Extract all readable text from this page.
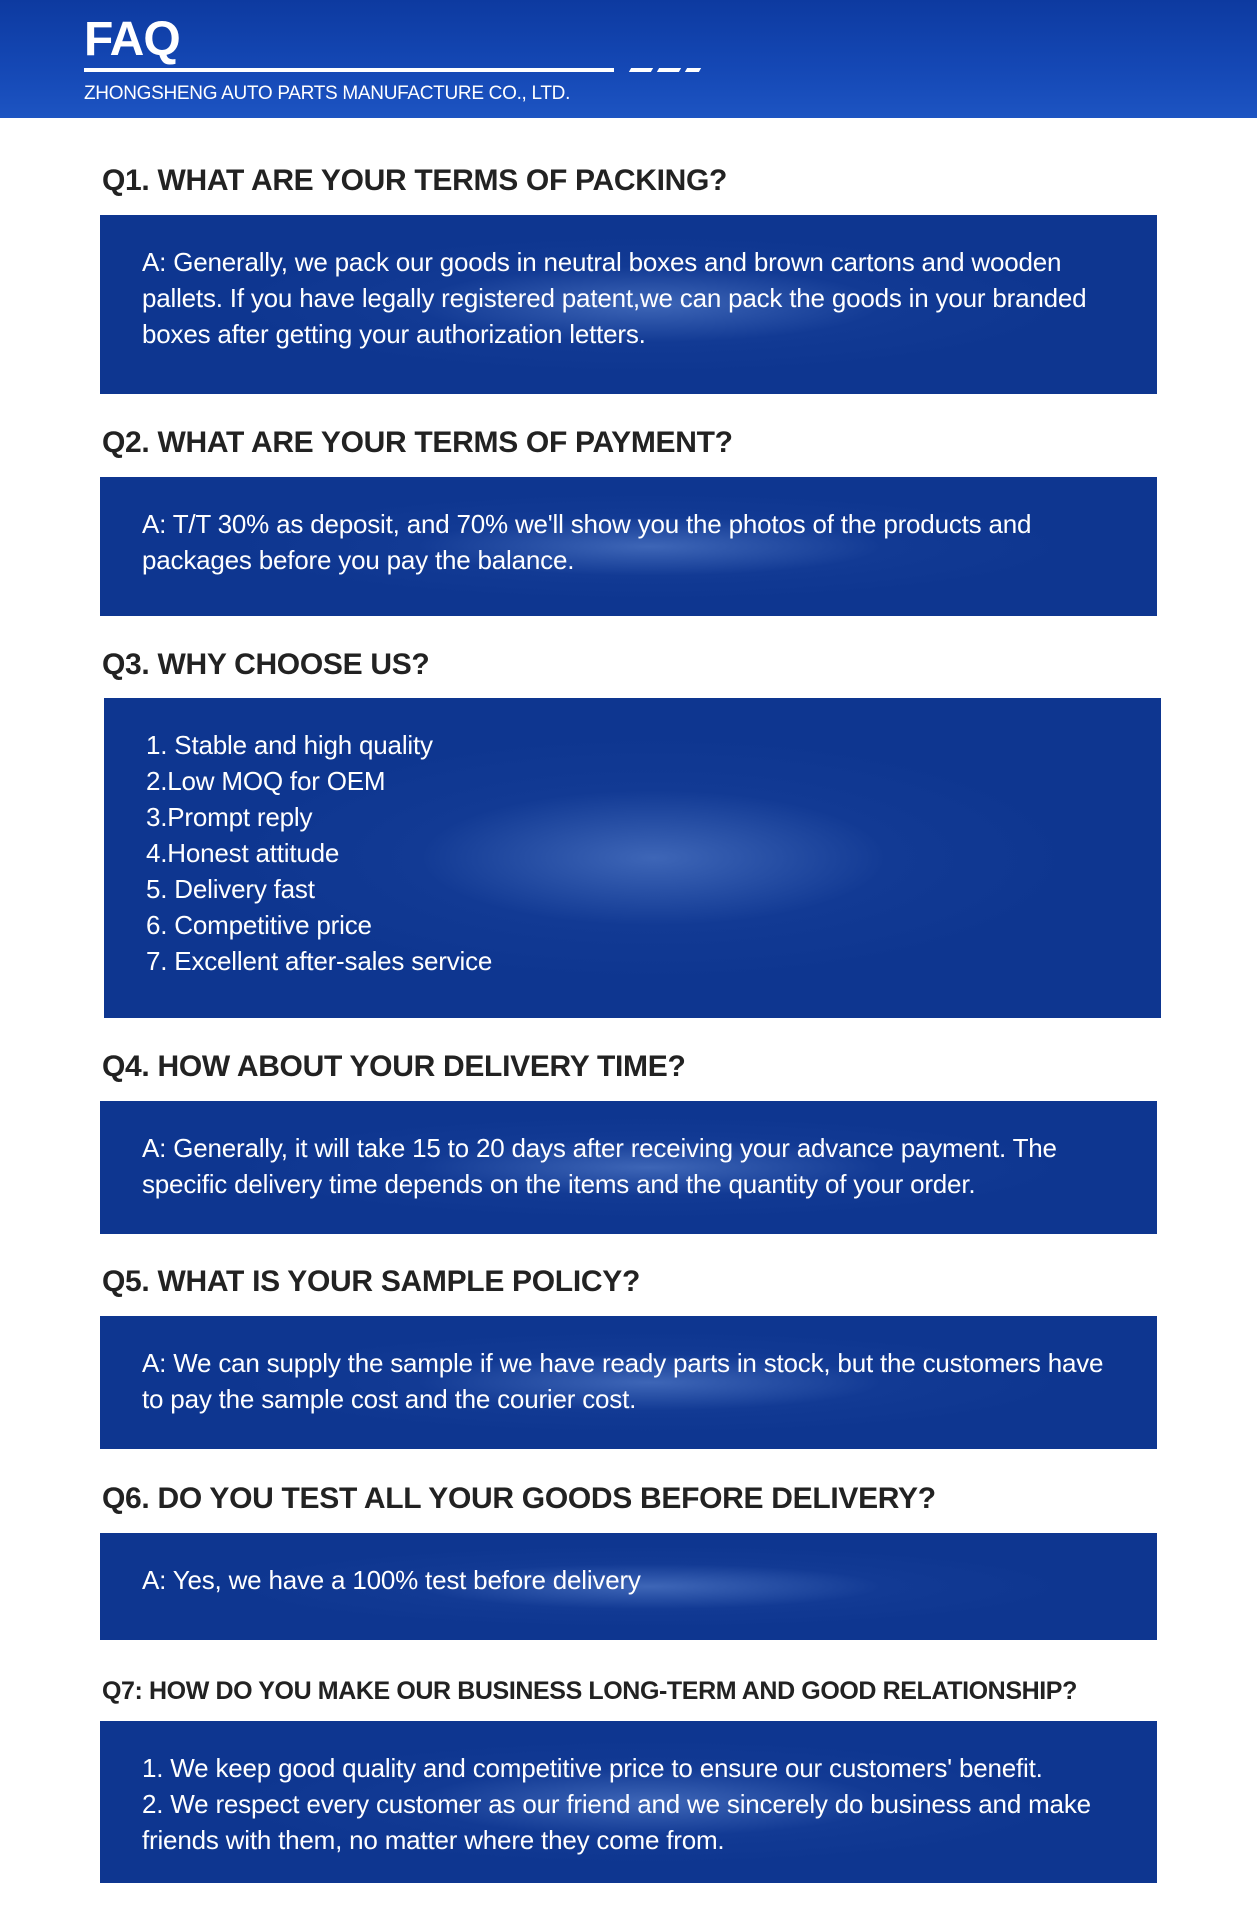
FAQ
ZHONGSHENG AUTO PARTS MANUFACTURE CO., LTD.
Q1. WHAT ARE YOUR TERMS OF PACKING?

A: Generally, we pack our goods in neutral boxes and brown cartons and wooden pallets. If you have legally registered patent,we can pack the goods in your branded boxes after getting your authorization letters.

Q2. WHAT ARE YOUR TERMS OF PAYMENT?

A: T/T 30% as deposit, and 70% we'll show you the photos of the products and packages before you pay the balance.

Q3. WHY CHOOSE US?
1. Stable and high quality
2.Low MOQ for OEM
3.Prompt reply
4.Honest attitude
5. Delivery fast
6. Competitive price
7. Excellent after-sales service
Q4. HOW ABOUT YOUR DELIVERY TIME?

A: Generally, it will take 15 to 20 days after receiving your advance payment. The specific delivery time depends on the items and the quantity of your order.

Q5. WHAT IS YOUR SAMPLE POLICY?

A: We can supply the sample if we have ready parts in stock, but the customers have to pay the sample cost and the courier cost.

Q6. DO YOU TEST ALL YOUR GOODS BEFORE DELIVERY?

A: Yes, we have a 100% test before delivery

Q7: HOW DO YOU MAKE OUR BUSINESS LONG-TERM AND GOOD RELATIONSHIP?
1. We keep good quality and competitive price to ensure our customers' benefit.
2. We respect every customer as our friend and we sincerely do business and make friends with them, no matter where they come from.
